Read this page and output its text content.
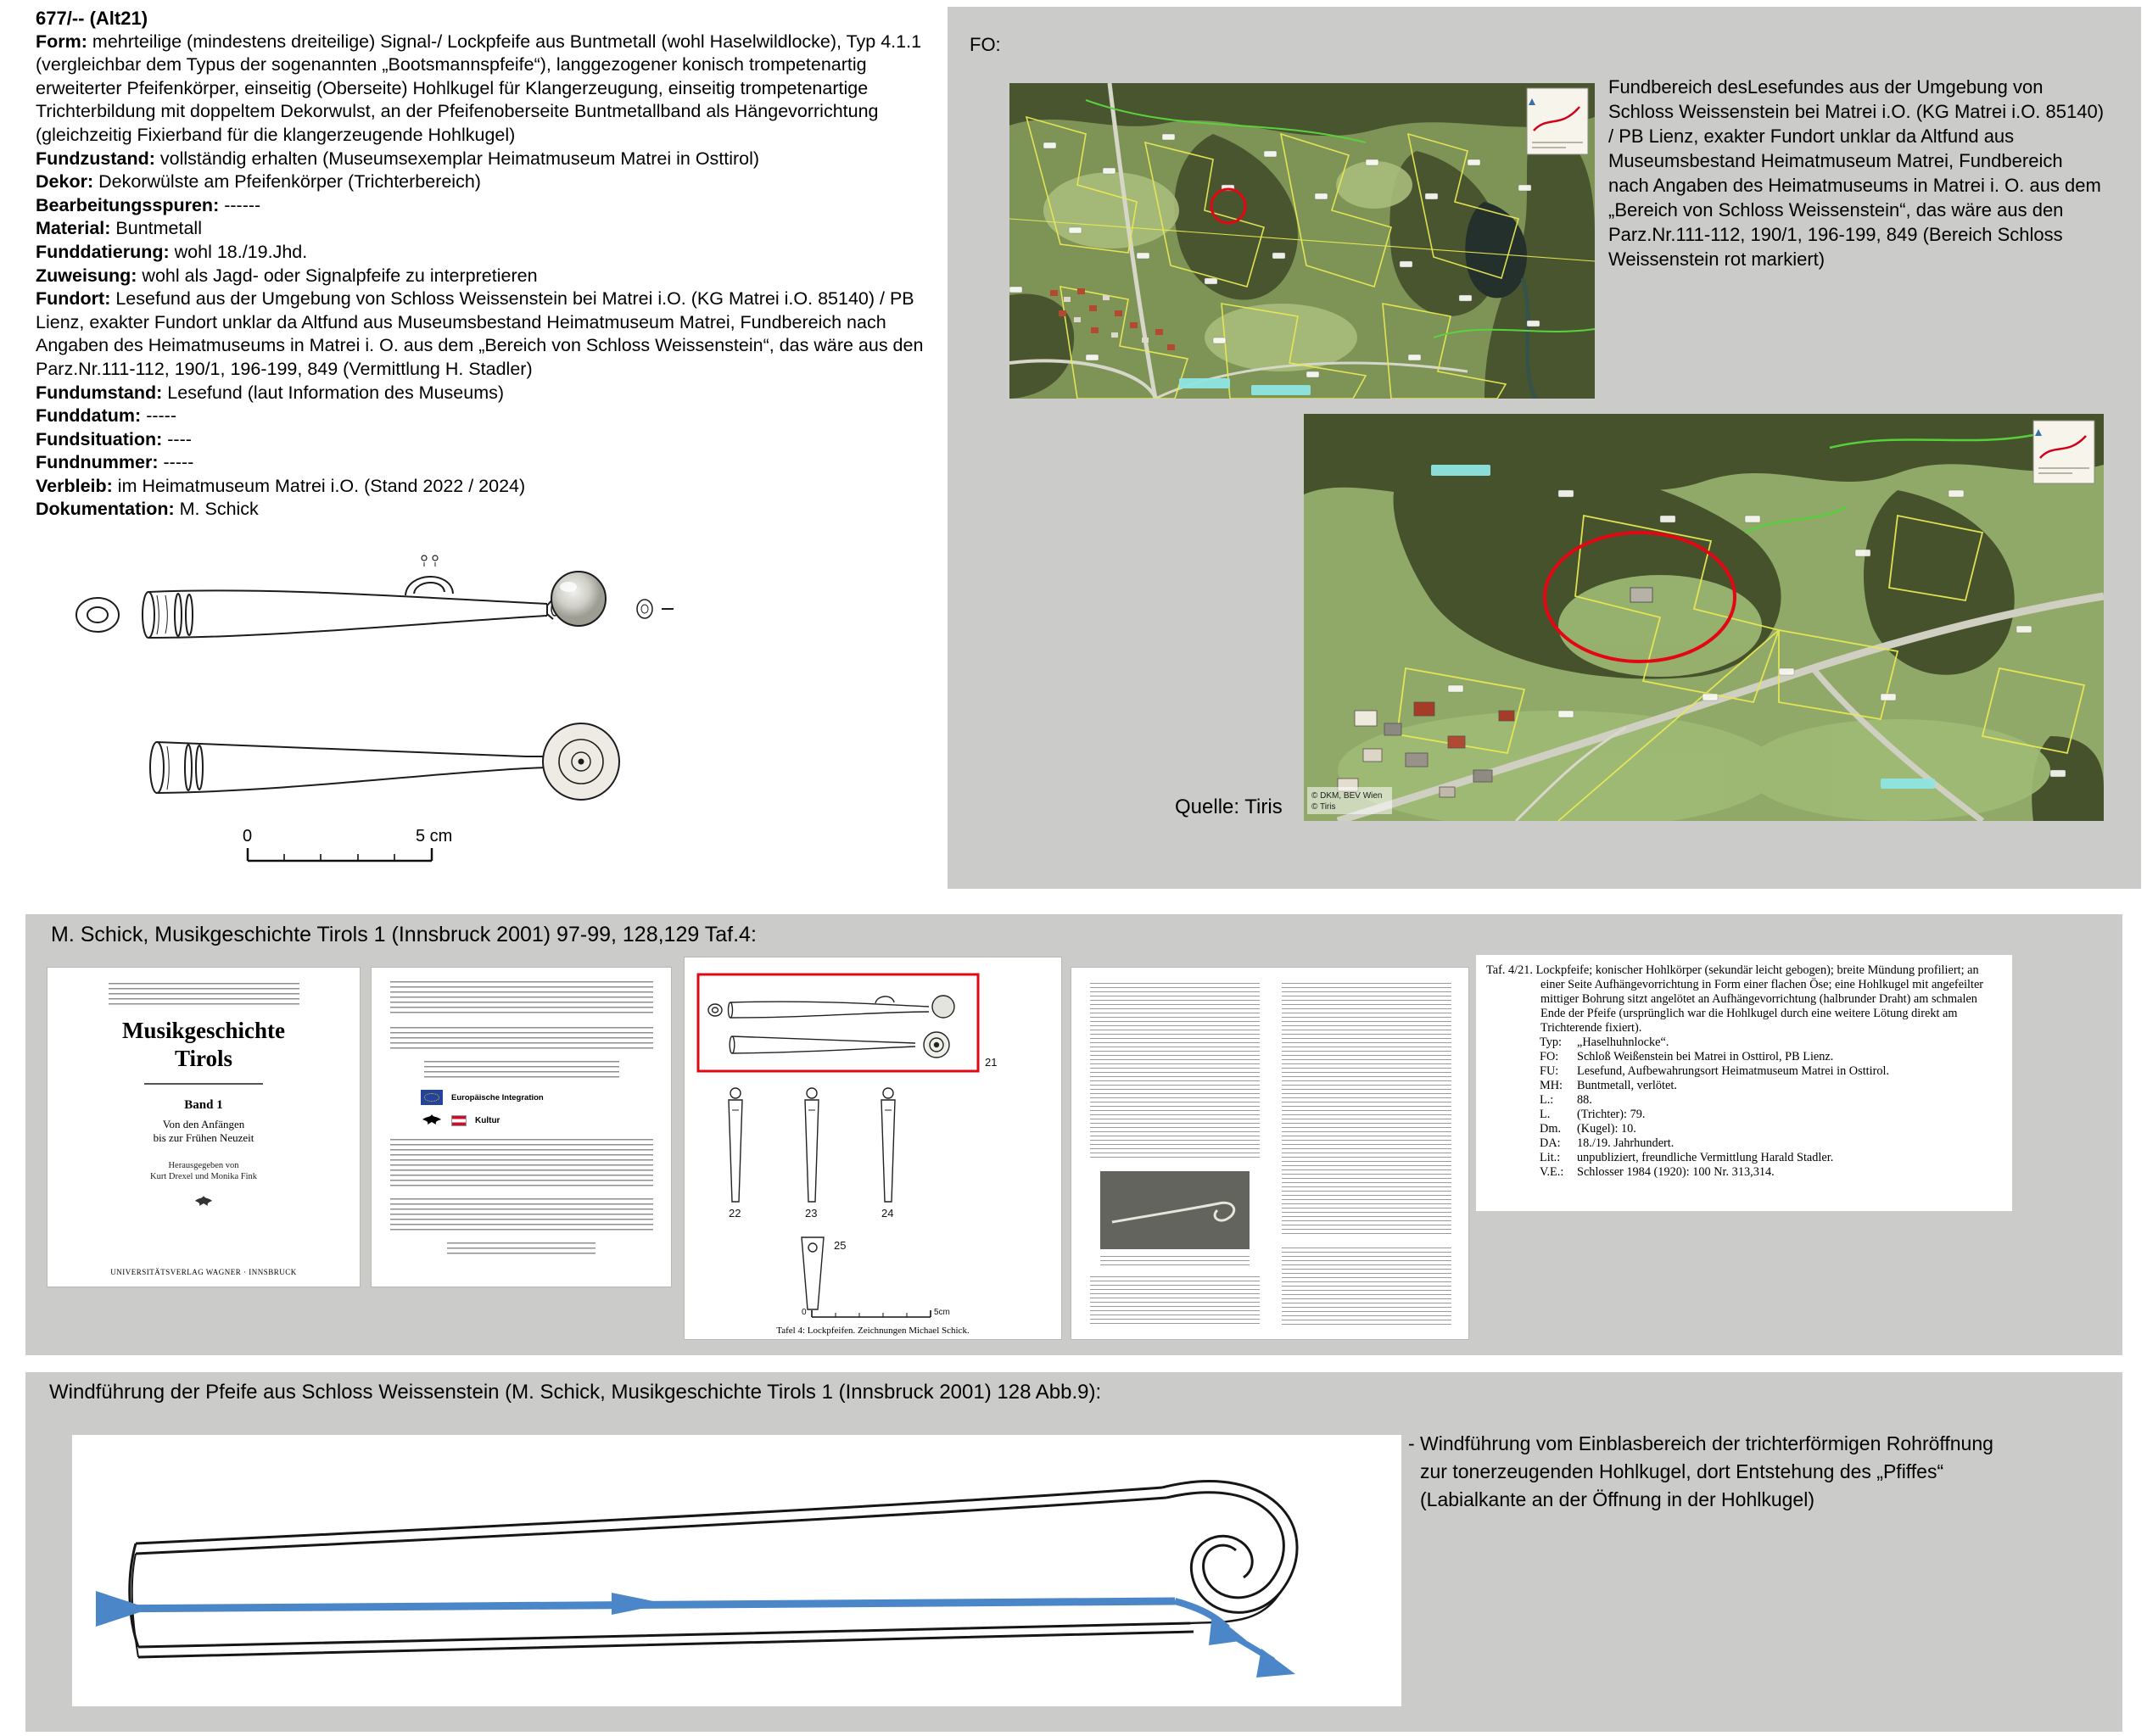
677/-- (Alt21)
Form: mehrteilige (mindestens dreiteilige) Signal-/ Lockpfeife aus Buntmetall (wohl Haselwildlocke), Typ 4.1.1 (vergleichbar dem Typus der sogenannten „Bootsmannspfeife“), langgezogener konisch trompetenartig erweiterter Pfeifenkörper, einseitig (Oberseite) Hohlkugel für Klangerzeugung, einseitig trompetenartige Trichterbildung mit doppeltem Dekorwulst, an der Pfeifenoberseite Buntmetallband als Hängevorrichtung (gleichzeitig Fixierband für die klangerzeugende Hohlkugel)
Fundzustand: vollständig erhalten (Museumsexemplar Heimatmuseum Matrei in Osttirol)
Dekor: Dekorwülste am Pfeifenkörper (Trichterbereich)
Bearbeitungsspuren: ------
Material: Buntmetall
Funddatierung: wohl 18./19.Jhd.
Zuweisung: wohl als Jagd- oder Signalpfeife zu interpretieren
Fundort: Lesefund aus der Umgebung von Schloss Weissenstein bei Matrei i.O. (KG Matrei i.O. 85140) / PB Lienz, exakter Fundort unklar da Altfund aus Museumsbestand Heimatmuseum Matrei, Fundbereich nach Angaben des Heimatmuseums in Matrei i. O. aus dem „Bereich von Schloss Weissenstein“, das wäre aus den Parz.Nr.111-112, 190/1, 196-199, 849 (Vermittlung H. Stadler)
Fundumstand: Lesefund (laut Information des Museums)
Funddatum: -----
Fundsituation: ----
Fundnummer: -----
Verbleib: im Heimatmuseum Matrei i.O. (Stand 2022 / 2024)
Dokumentation: M. Schick
0	5 cm
FO:
Fundbereich desLesefundes aus der Umgebung von
Schloss Weissenstein bei Matrei i.O. (KG Matrei i.O. 85140)
/ PB Lienz, exakter Fundort unklar da Altfund aus
Museumsbestand Heimatmuseum Matrei, Fundbereich
nach Angaben des Heimatmuseums in Matrei i. O. aus dem
„Bereich von Schloss Weissenstein“, das wäre aus den
Parz.Nr.111-112, 190/1, 196-199, 849 (Bereich Schloss
Weissenstein rot markiert)
© DKM, BEV Wien
© Tiris
Quelle: Tiris
M. Schick, Musikgeschichte Tirols 1 (Innsbruck 2001) 97-99, 128,129 Taf.4:
Musikgeschichte
Tirols
Band 1
Von den Anfängen
bis zur Frühen Neuzeit
Herausgegeben von
Kurt Drexel und Monika Fink
UNIVERSITÄTSVERLAG WAGNER · INNSBRUCK
Europäische Integration
Kultur
21
22	23	24
25
0	5cm
Tafel 4: Lockpfeifen. Zeichnungen Michael Schick.

Taf. 4/21. Lockpfeife; konischer Hohlkörper (sekundär leicht gebogen); breite Mündung profiliert; an einer Seite Aufhängevorrichtung in Form einer flachen Öse; eine Hohlkugel mit angefeilter mittiger Bohrung sitzt angelötet an Aufhängevorrichtung (halbrunder Draht) am schmalen Ende der Pfeife (ursprünglich war die Hohlkugel durch eine weitere Lötung direkt am Trichterende fixiert).

Typ: „Haselhuhnlocke“.
FO: Schloß Weißenstein bei Matrei in Osttirol, PB Lienz.
FU: Lesefund, Aufbewahrungsort Heimatmuseum Matrei in Osttirol.
MH: Buntmetall, verlötet.
L.: 88.
L. (Trichter): 79.
Dm. (Kugel): 10.
DA: 18./19. Jahrhundert.
Lit.: unpubliziert, freundliche Vermittlung Harald Stadler.
V.E.: Schlosser 1984 (1920): 100 Nr. 313,314.
Windführung der Pfeife aus Schloss Weissenstein (M. Schick, Musikgeschichte Tirols 1 (Innsbruck 2001) 128 Abb.9):
- Windführung vom Einblasbereich der trichterförmigen Rohröffnung
zur tonerzeugenden Hohlkugel, dort Entstehung des „Pfiffes“
(Labialkante an der Öffnung in der Hohlkugel)
